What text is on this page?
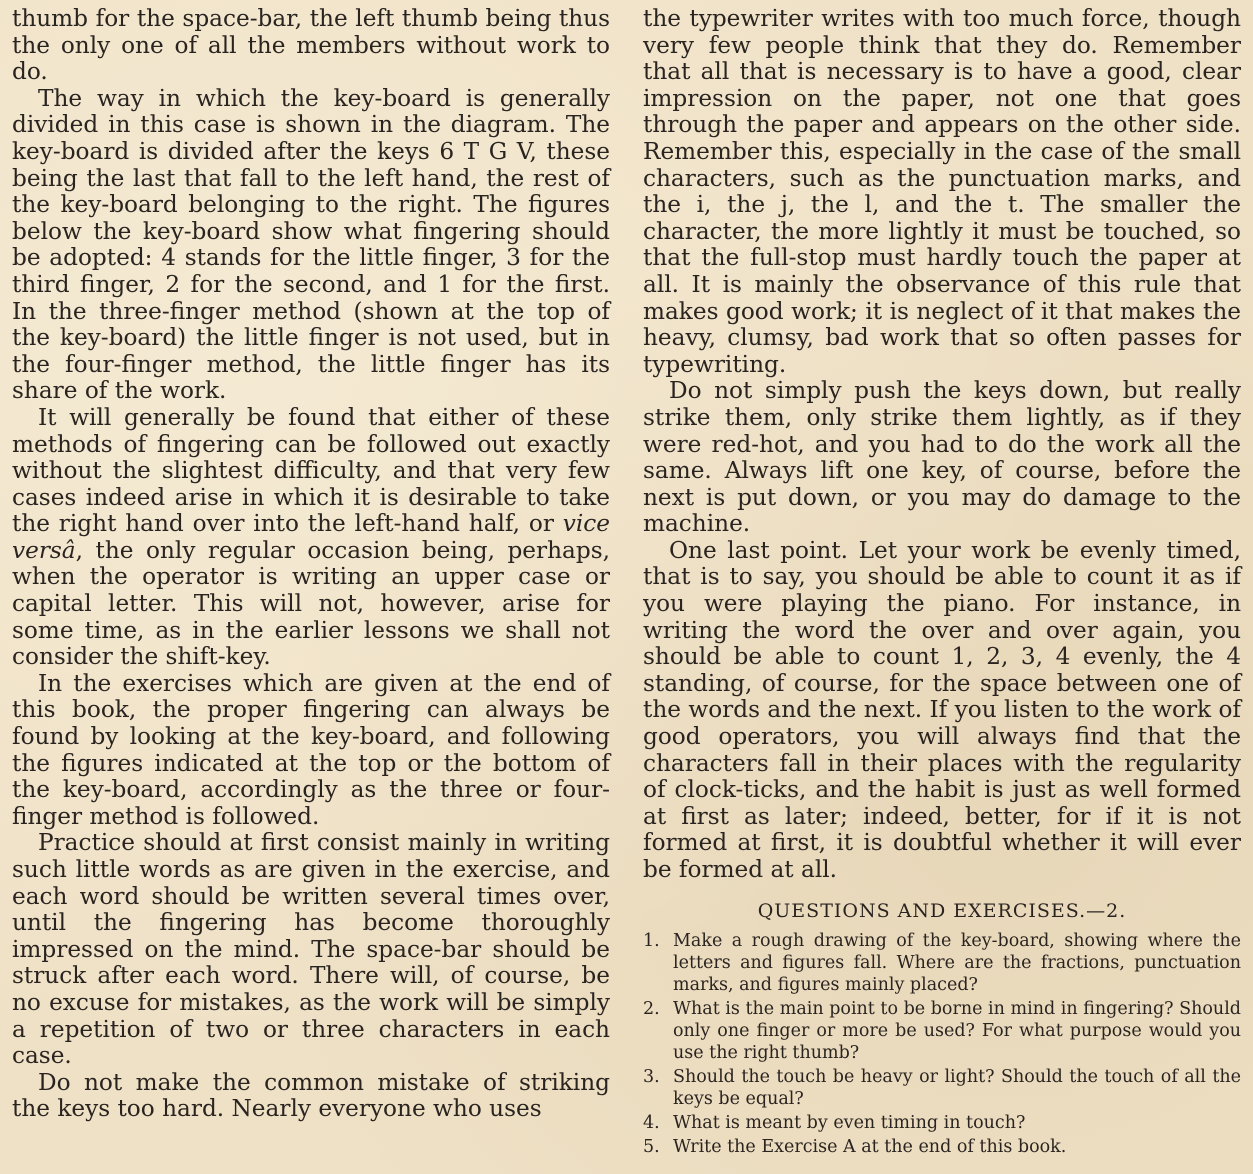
thumb for the space-bar, the left thumb being thus the only one of all the members without work to do.

The way in which the key-board is generally divided in this case is shown in the diagram. The key-board is divided after the keys 6 T G V, these being the last that fall to the left hand, the rest of the key-board belonging to the right. The figures below the key-board show what fingering should be adopted: 4 stands for the little finger, 3 for the third finger, 2 for the second, and 1 for the first. In the three-finger method (shown at the top of the key-board) the little finger is not used, but in the four-finger method, the little finger has its share of the work.

It will generally be found that either of these methods of fingering can be followed out exactly without the slightest difficulty, and that very few cases indeed arise in which it is desirable to take the right hand over into the left-hand half, or vice versâ, the only regular occasion being, perhaps, when the operator is writing an upper case or capital letter. This will not, however, arise for some time, as in the earlier lessons we shall not consider the shift-key.

In the exercises which are given at the end of this book, the proper fingering can always be found by looking at the key-board, and following the figures indicated at the top or the bottom of the key-board, accordingly as the three or four-finger method is followed.

Practice should at first consist mainly in writing such little words as are given in the exercise, and each word should be written several times over, until the fingering has become thoroughly impressed on the mind. The space-bar should be struck after each word. There will, of course, be no excuse for mistakes, as the work will be simply a repetition of two or three characters in each case.

Do not make the common mistake of striking the keys too hard. Nearly everyone who uses

the typewriter writes with too much force, though very few people think that they do. Remember that all that is necessary is to have a good, clear impression on the paper, not one that goes through the paper and appears on the other side. Remember this, especially in the case of the small characters, such as the punctuation marks, and the i, the j, the l, and the t. The smaller the character, the more lightly it must be touched, so that the full-stop must hardly touch the paper at all. It is mainly the observance of this rule that makes good work; it is neglect of it that makes the heavy, clumsy, bad work that so often passes for typewriting.

Do not simply push the keys down, but really strike them, only strike them lightly, as if they were red-hot, and you had to do the work all the same. Always lift one key, of course, before the next is put down, or you may do damage to the machine.

One last point. Let your work be evenly timed, that is to say, you should be able to count it as if you were playing the piano. For instance, in writing the word the over and over again, you should be able to count 1, 2, 3, 4 evenly, the 4 standing, of course, for the space between one of the words and the next. If you listen to the work of good operators, you will always find that the characters fall in their places with the regularity of clock-ticks, and the habit is just as well formed at first as later; indeed, better, for if it is not formed at first, it is doubtful whether it will ever be formed at all.

QUESTIONS AND EXERCISES.—2.
1. Make a rough drawing of the key-board, showing where the letters and figures fall. Where are the fractions, punctuation marks, and figures mainly placed?
2. What is the main point to be borne in mind in fingering? Should only one finger or more be used? For what purpose would you use the right thumb?
3. Should the touch be heavy or light? Should the touch of all the keys be equal?
4. What is meant by even timing in touch?
5. Write the Exercise A at the end of this book.
